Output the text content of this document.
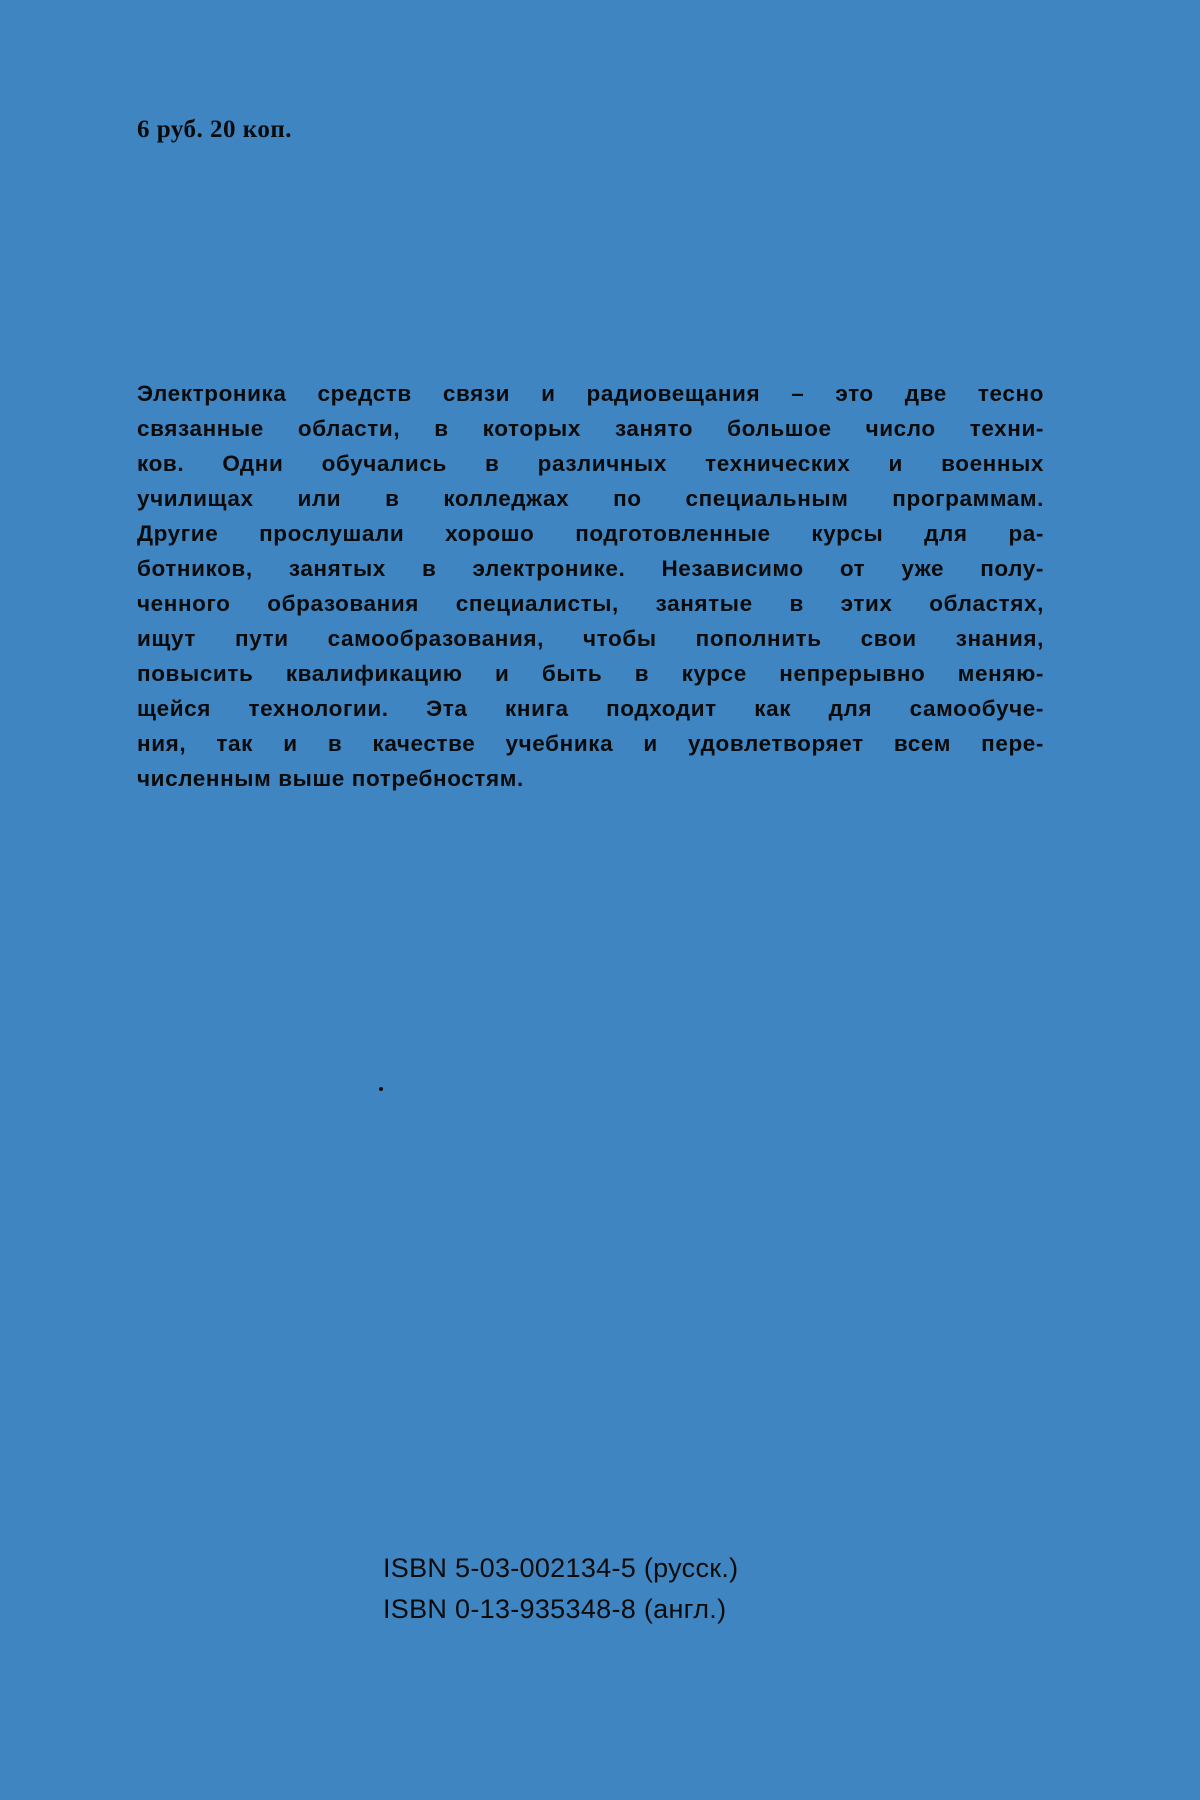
6 руб. 20 коп.
Электроника средств связи и радиовещания – это две тесно
связанные области, в которых занято большое число техни-
ков. Одни обучались в различных технических и военных
училищах или в колледжах по специальным программам.
Другие прослушали хорошо подготовленные курсы для ра-
ботников, занятых в электронике. Независимо от уже полу-
ченного образования специалисты, занятые в этих областях,
ищут пути самообразования, чтобы пополнить свои знания,
повысить квалификацию и быть в курсе непрерывно меняю-
щейся технологии. Эта книга подходит как для самообуче-
ния, так и в качестве учебника и удовлетворяет всем пере-
численным выше потребностям.
ISBN 5-03-002134-5 (русск.)
ISBN 0-13-935348-8 (англ.)
